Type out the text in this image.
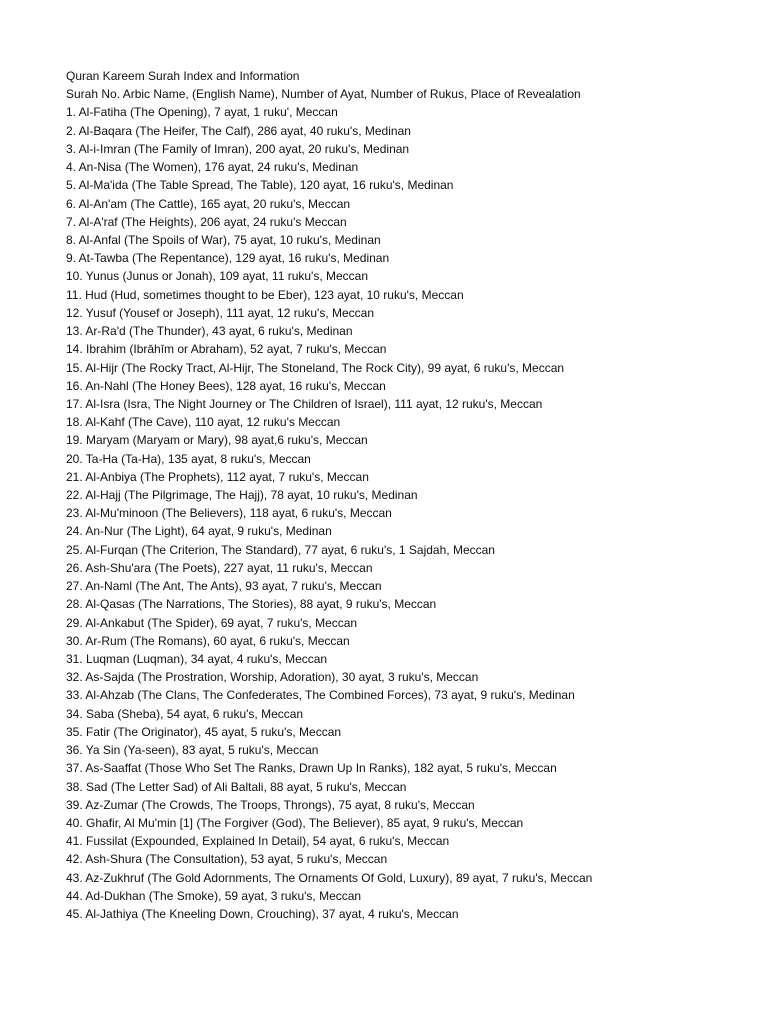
Quran Kareem Surah Index and Information
Surah No. Arbic Name, (English Name), Number of Ayat, Number of Rukus, Place of Revealation
1. Al-Fatiha (The Opening), 7 ayat, 1 ruku', Meccan
2. Al-Baqara (The Heifer, The Calf), 286 ayat, 40 ruku's, Medinan
3. Al-i-Imran (The Family of Imran), 200 ayat, 20 ruku's, Medinan
4. An-Nisa (The Women), 176 ayat, 24 ruku's, Medinan
5. Al-Ma'ida (The Table Spread, The Table), 120 ayat, 16 ruku's, Medinan
6. Al-An'am (The Cattle), 165 ayat, 20 ruku's, Meccan
7. Al-A'raf (The Heights), 206 ayat, 24 ruku's Meccan
8. Al-Anfal (The Spoils of War), 75 ayat, 10 ruku's, Medinan
9. At-Tawba (The Repentance), 129 ayat, 16 ruku's, Medinan
10. Yunus (Junus or Jonah), 109 ayat, 11 ruku's, Meccan
11. Hud (Hud, sometimes thought to be Eber), 123 ayat, 10 ruku's, Meccan
12. Yusuf (Yousef or Joseph), 111 ayat, 12 ruku's, Meccan
13. Ar-Ra'd (The Thunder), 43 ayat, 6 ruku's, Medinan
14. Ibrahim (Ibrāhīm or Abraham), 52 ayat, 7 ruku's, Meccan
15. Al-Hijr (The Rocky Tract, Al-Hijr, The Stoneland, The Rock City), 99 ayat, 6 ruku's, Meccan
16. An-Nahl (The Honey Bees), 128 ayat, 16 ruku's, Meccan
17. Al-Isra (Isra, The Night Journey or The Children of Israel), 111 ayat, 12 ruku's, Meccan
18. Al-Kahf (The Cave), 110 ayat, 12 ruku's Meccan
19. Maryam (Maryam or Mary), 98 ayat,6 ruku's, Meccan
20. Ta-Ha (Ta-Ha), 135 ayat, 8 ruku's, Meccan
21. Al-Anbiya (The Prophets), 112 ayat, 7 ruku's, Meccan
22. Al-Hajj (The Pilgrimage, The Hajj), 78 ayat, 10 ruku's, Medinan
23. Al-Mu'minoon (The Believers), 118 ayat, 6 ruku's, Meccan
24. An-Nur (The Light), 64 ayat, 9 ruku's, Medinan
25. Al-Furqan (The Criterion, The Standard), 77 ayat, 6 ruku's, 1 Sajdah, Meccan
26. Ash-Shu'ara (The Poets), 227 ayat, 11 ruku's, Meccan
27. An-Naml (The Ant, The Ants), 93 ayat, 7 ruku's, Meccan
28. Al-Qasas (The Narrations, The Stories), 88 ayat, 9 ruku's, Meccan
29. Al-Ankabut (The Spider), 69 ayat, 7 ruku's, Meccan
30. Ar-Rum (The Romans), 60 ayat, 6 ruku's, Meccan
31. Luqman (Luqman), 34 ayat, 4 ruku's, Meccan
32. As-Sajda (The Prostration, Worship, Adoration), 30 ayat, 3 ruku's, Meccan
33. Al-Ahzab (The Clans, The Confederates, The Combined Forces), 73 ayat, 9 ruku's, Medinan
34. Saba (Sheba), 54 ayat, 6 ruku's, Meccan
35. Fatir (The Originator), 45 ayat, 5 ruku's, Meccan
36. Ya Sin (Ya-seen), 83 ayat, 5 ruku's, Meccan
37. As-Saaffat (Those Who Set The Ranks, Drawn Up In Ranks), 182 ayat, 5 ruku's, Meccan
38. Sad (The Letter Sad) of Ali Baltali, 88 ayat, 5 ruku's, Meccan
39. Az-Zumar (The Crowds, The Troops, Throngs), 75 ayat, 8 ruku's, Meccan
40. Ghafir, Al Mu'min [1] (The Forgiver (God), The Believer), 85 ayat, 9 ruku's, Meccan
41. Fussilat (Expounded, Explained In Detail), 54 ayat, 6 ruku's, Meccan
42. Ash-Shura (The Consultation), 53 ayat, 5 ruku's, Meccan
43. Az-Zukhruf (The Gold Adornments, The Ornaments Of Gold, Luxury), 89 ayat, 7 ruku's, Meccan
44. Ad-Dukhan (The Smoke), 59 ayat, 3 ruku's, Meccan
45. Al-Jathiya (The Kneeling Down, Crouching), 37 ayat, 4 ruku's, Meccan
